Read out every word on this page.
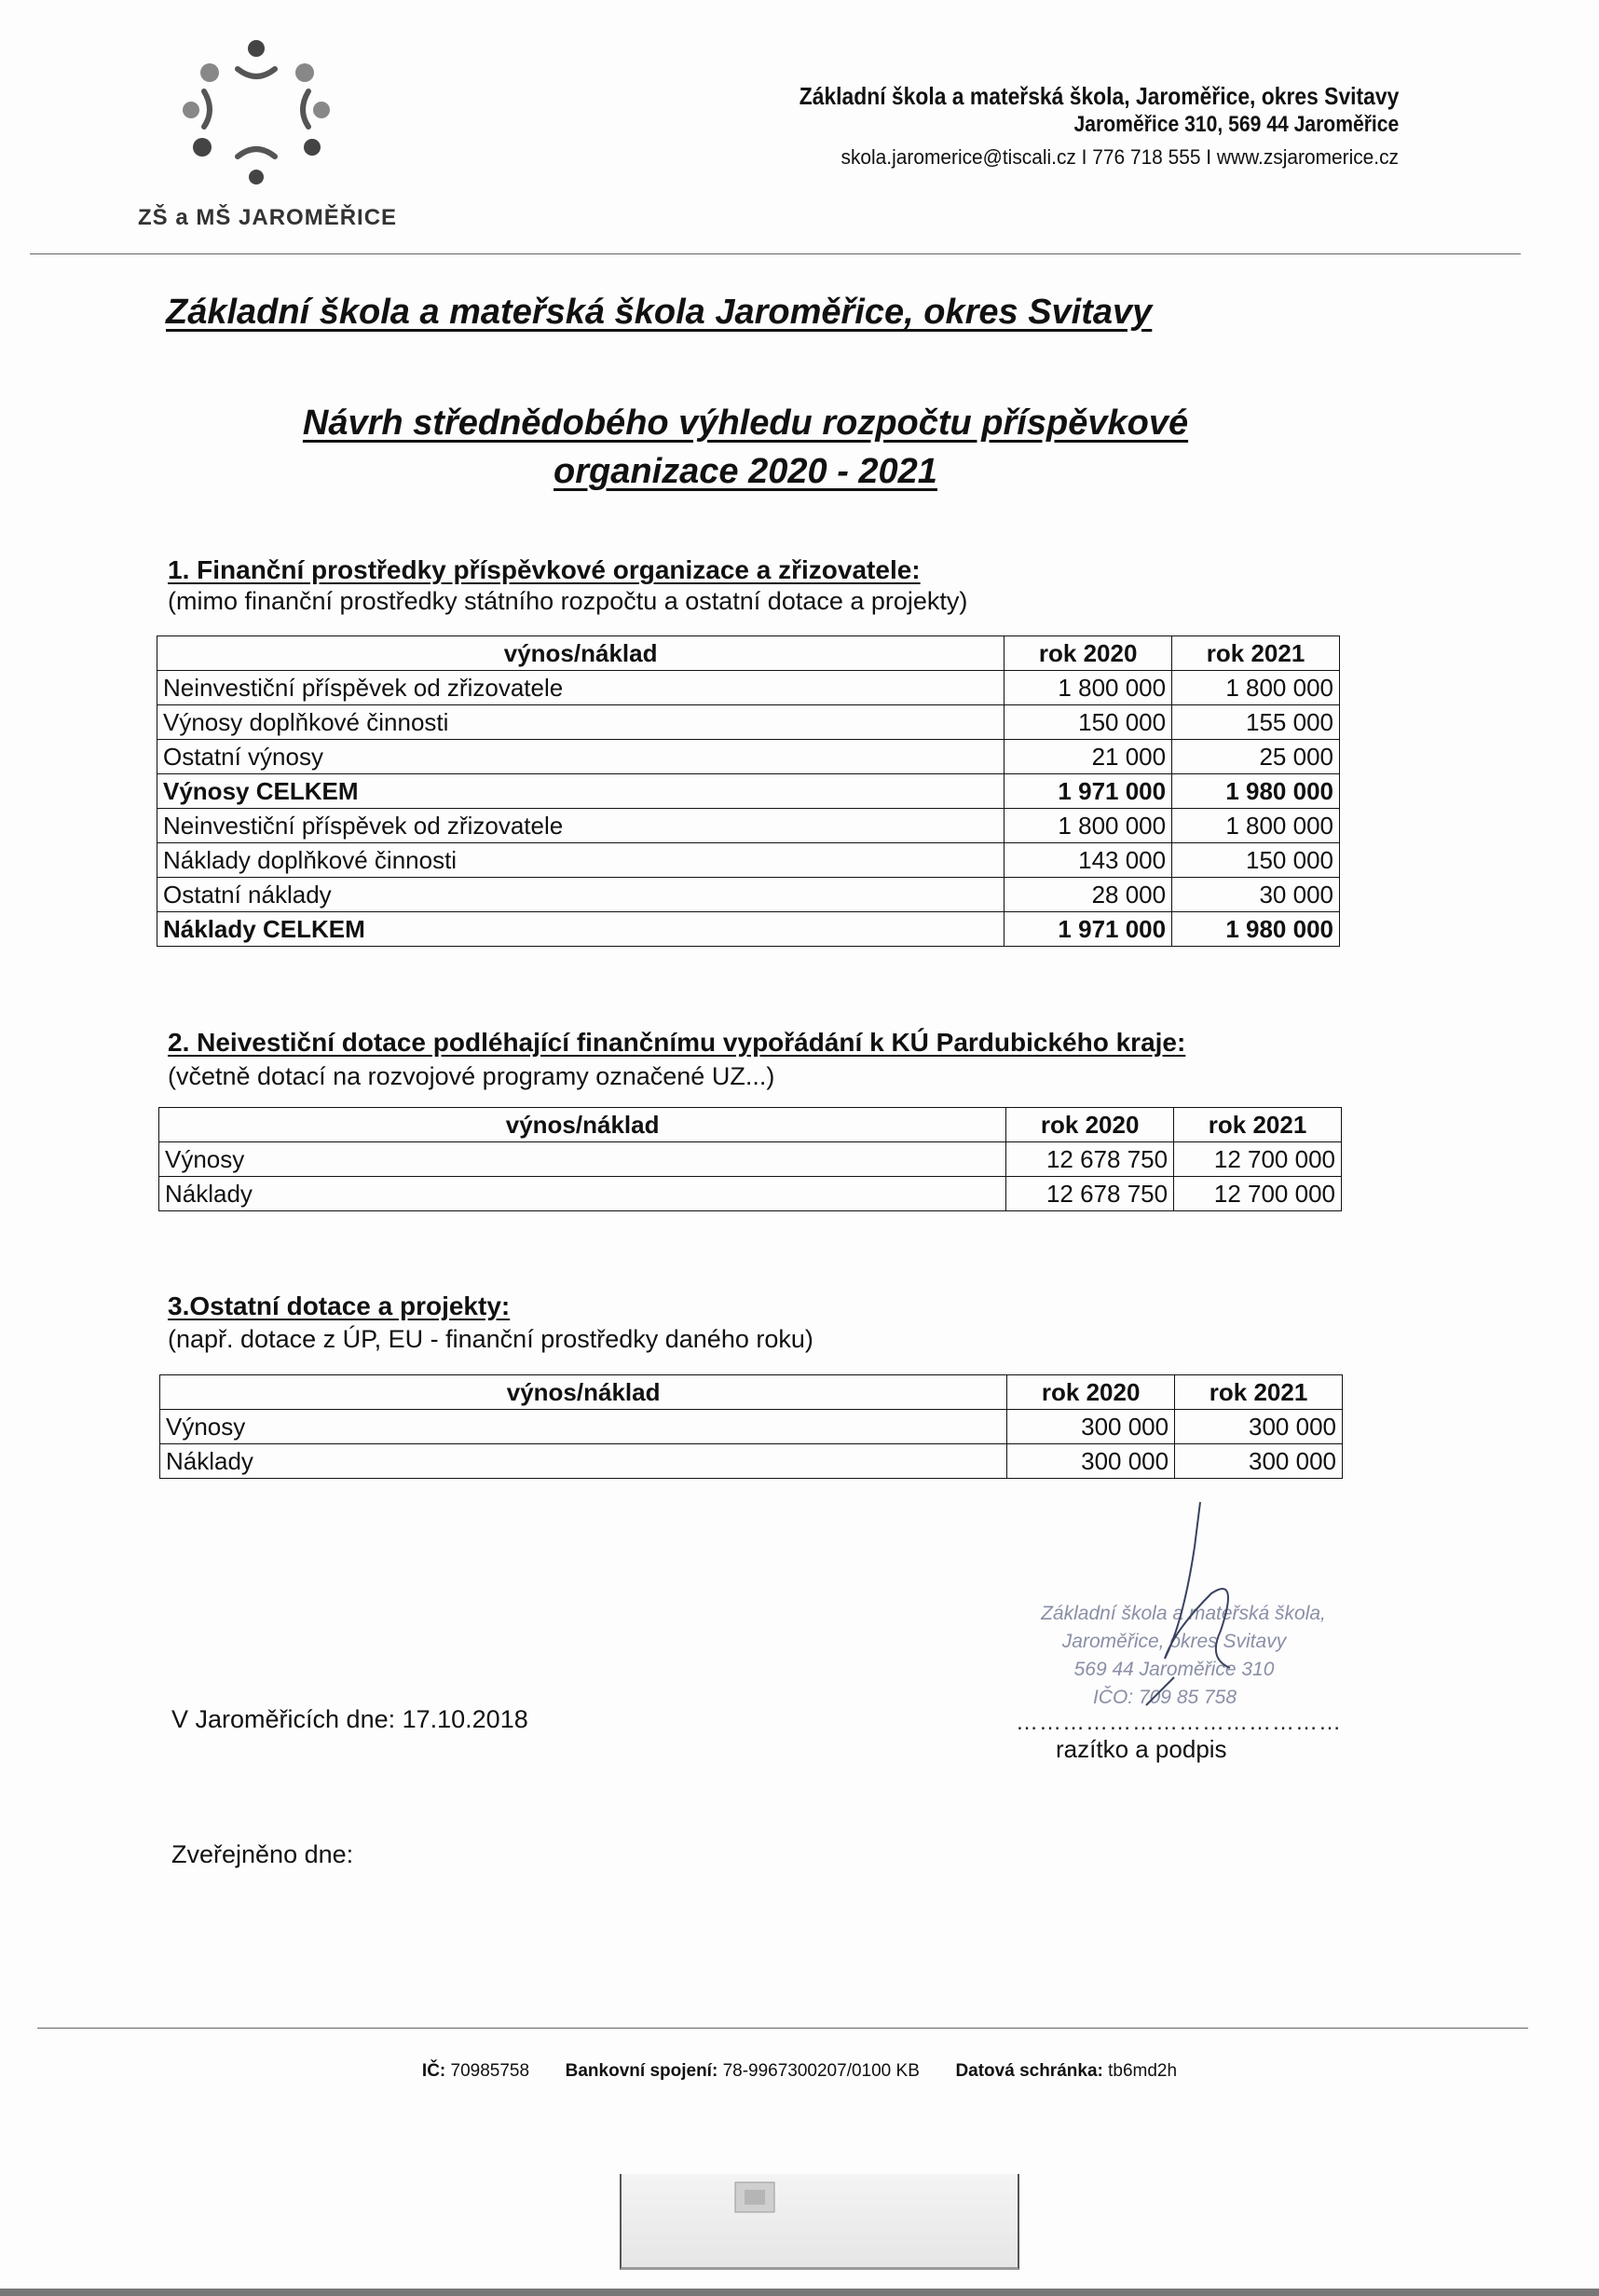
ZŠ a MŠ JAROMĚŘICE
Základní škola a mateřská škola, Jaroměřice, okres Svitavy
Jaroměřice 310, 569 44 Jaroměřice
skola.jaromerice@tiscali.cz I 776 718 555 I www.zsjaromerice.cz
Základní škola a mateřská škola Jaroměřice, okres Svitavy
Návrh střednědobého výhledu rozpočtu příspěvkové
organizace 2020 - 2021
1. Finanční prostředky příspěvkové organizace a zřizovatele:
(mimo finanční prostředky státního rozpočtu a ostatní dotace a projekty)
výnos/náklad	rok 2020	rok 2021
Neinvestiční příspěvek od zřizovatele	1 800 000	1 800 000
Výnosy doplňkové činnosti	150 000	155 000
Ostatní výnosy	21 000	25 000
Výnosy CELKEM	1 971 000	1 980 000
Neinvestiční příspěvek od zřizovatele	1 800 000	1 800 000
Náklady doplňkové činnosti	143 000	150 000
Ostatní náklady	28 000	30 000
Náklady CELKEM	1 971 000	1 980 000
2. Neivestiční dotace podléhající finančnímu vypořádání k KÚ Pardubického kraje:
(včetně dotací na rozvojové programy označené UZ...)
výnos/náklad	rok 2020	rok 2021
Výnosy	12 678 750	12 700 000
Náklady	12 678 750	12 700 000
3.Ostatní dotace a projekty:
(např. dotace z ÚP, EU - finanční prostředky daného roku)
výnos/náklad	rok 2020	rok 2021
Výnosy	300 000	300 000
Náklady	300 000	300 000
Základní škola a mateřská škola,
Jaroměřice, okres Svitavy
569 44 Jaroměřice 310
IČO: 709 85 758
V Jaroměřicích dne: 17.10.2018	……………………………………
razítko a podpis
Zveřejněno dne:
IČ: 70985758 Bankovní spojení: 78-9967300207/0100 KB Datová schránka: tb6md2h
